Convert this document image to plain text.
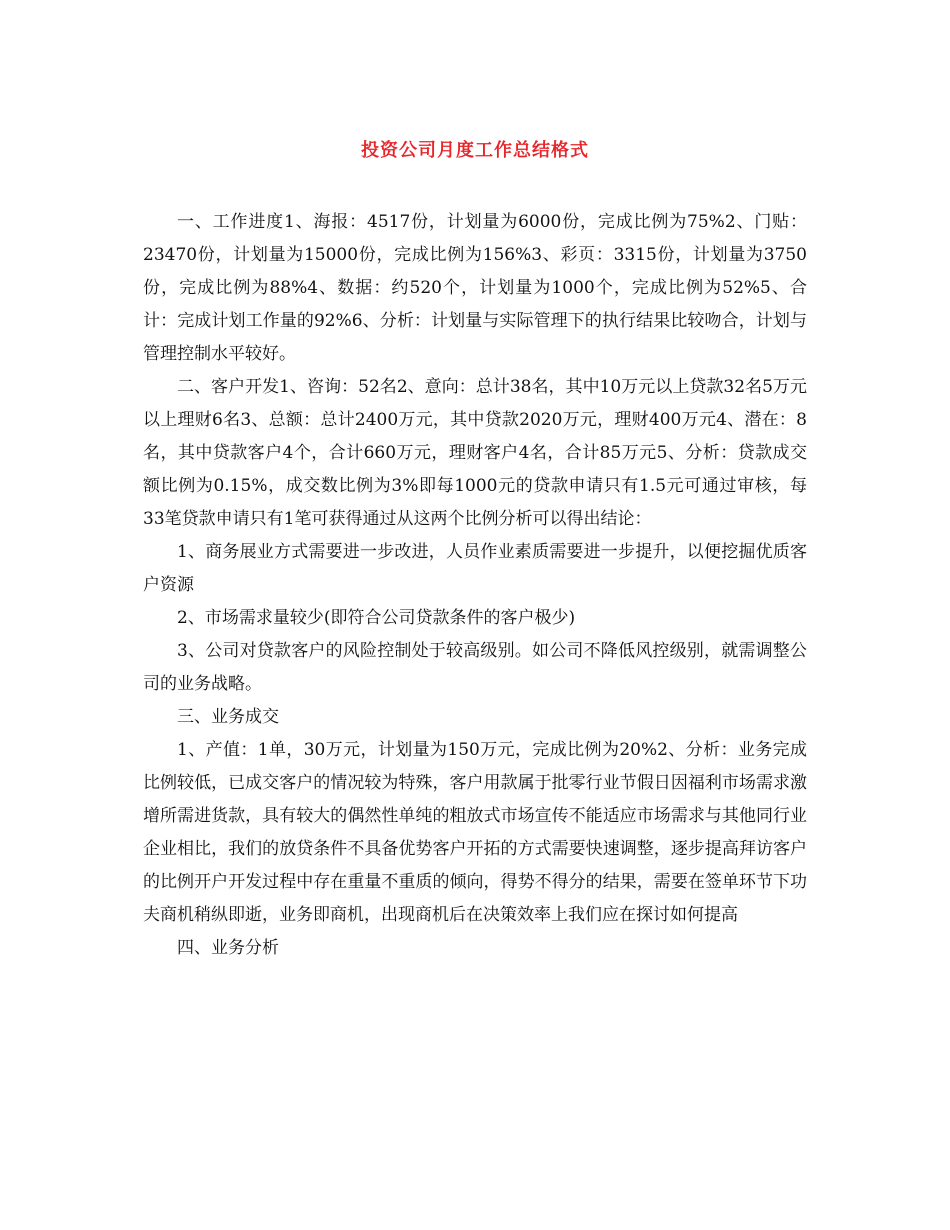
投资公司月度工作总结格式

一、工作进度1、海报：4517份，计划量为6000份，完成比例为75%2、门贴：23470份，计划量为15000份，完成比例为156%3、彩页：3315份，计划量为3750份，完成比例为88%4、数据：约520个，计划量为1000个，完成比例为52%5、合计：完成计划工作量的92%6、分析：计划量与实际管理下的执行结果比较吻合，计划与管理控制水平较好。

二、客户开发1、咨询：52名2、意向：总计38名，其中10万元以上贷款32名5万元以上理财6名3、总额：总计2400万元，其中贷款2020万元，理财400万元4、潜在：8名，其中贷款客户4个，合计660万元，理财客户4名，合计85万元5、分析：贷款成交额比例为0.15%，成交数比例为3%即每1000元的贷款申请只有1.5元可通过审核，每33笔贷款申请只有1笔可获得通过从这两个比例分析可以得出结论：

1、商务展业方式需要进一步改进，人员作业素质需要进一步提升，以便挖掘优质客户资源

2、市场需求量较少(即符合公司贷款条件的客户极少)

3、公司对贷款客户的风险控制处于较高级别。如公司不降低风控级别，就需调整公司的业务战略。

三、业务成交

1、产值：1单，30万元，计划量为150万元，完成比例为20%2、分析：业务完成比例较低，已成交客户的情况较为特殊，客户用款属于批零行业节假日因福利市场需求激增所需进货款，具有较大的偶然性单纯的粗放式市场宣传不能适应市场需求与其他同行业企业相比，我们的放贷条件不具备优势客户开拓的方式需要快速调整，逐步提高拜访客户的比例开户开发过程中存在重量不重质的倾向，得势不得分的结果，需要在签单环节下功夫商机稍纵即逝，业务即商机，出现商机后在决策效率上我们应在探讨如何提高

四、业务分析
